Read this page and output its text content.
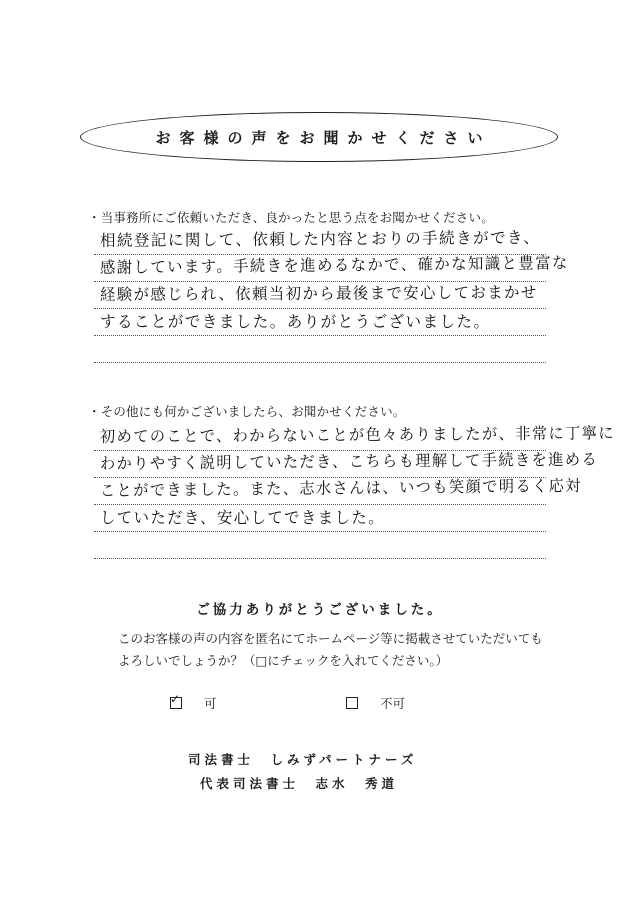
お客様の声をお聞かせください
・当事務所にご依頼いただき、良かったと思う点をお聞かせください。
相続登記に関して、依頼した内容とおりの手続きができ、
感謝しています。手続きを進めるなかで、確かな知識と豊富な
経験が感じられ、依頼当初から最後まで安心しておまかせ
することができました。ありがとうございました。
・その他にも何かございましたら、お聞かせください。
初めてのことで、わからないことが色々ありましたが、非常に丁寧に
わかりやすく説明していただき、こちらも理解して手続きを進める
ことができました。また、志水さんは、いつも笑顔で明るく応対
していただき、安心してできました。
ご協力ありがとうございました。
このお客様の声の内容を匿名にてホームページ等に掲載させていただいてもよろしいでしょうか？（□にチェックを入れてください。）
✓ 可	不可
司法書士　しみずパートナーズ
代表司法書士　志水　秀道
